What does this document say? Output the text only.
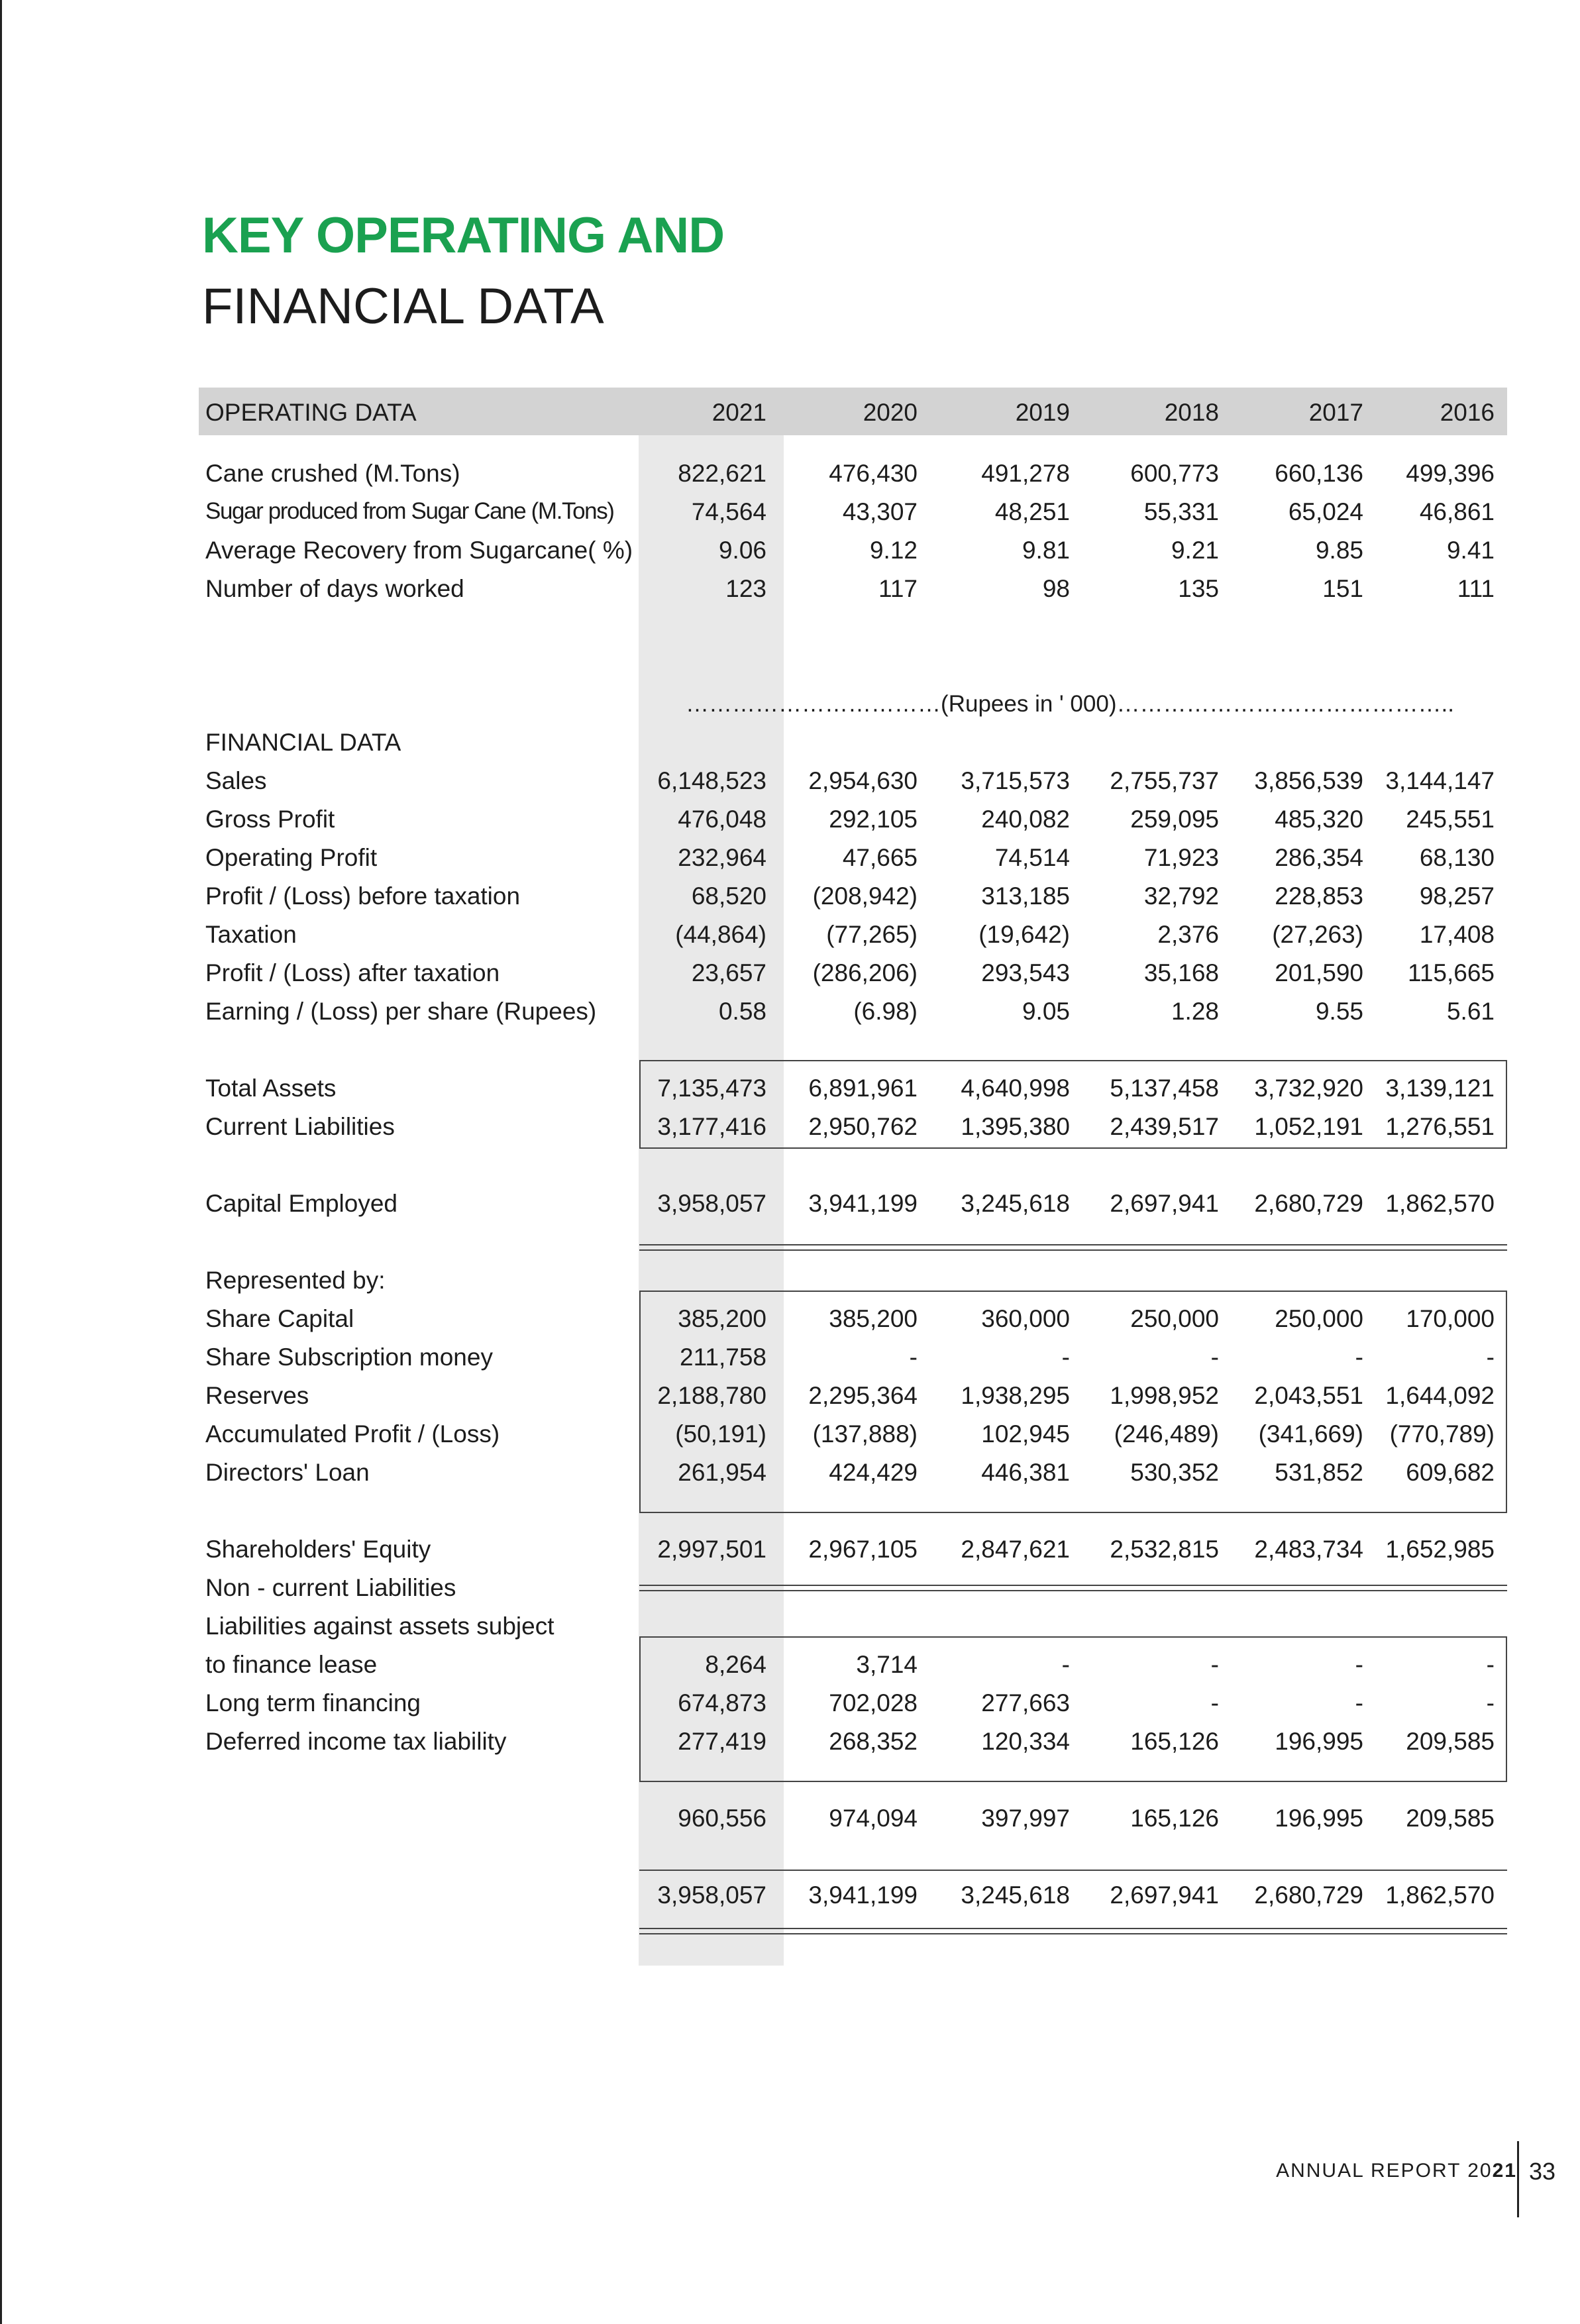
KEY OPERATING AND
FINANCIAL DATA
OPERATING DATA	2021	2020	2019	2018	2017	2016
Cane crushed (M.Tons)	822,621	476,430	491,278	600,773	660,136	499,396
Sugar produced from Sugar Cane (M.Tons)	74,564	43,307	48,251	55,331	65,024	46,861
Average Recovery from Sugarcane( %)	9.06	9.12	9.81	9.21	9.85	9.41
Number of days worked	123	117	98	135	151	111
……………………………(Rupees in ' 000)……………………………………..
FINANCIAL DATA
Sales	6,148,523	2,954,630	3,715,573	2,755,737	3,856,539 3,144,147
Gross Profit	476,048	292,105	240,082	259,095	485,320	245,551
Operating Profit	232,964	47,665	74,514	71,923	286,354	68,130
Profit / (Loss) before taxation	68,520	(208,942)	313,185	32,792	228,853	98,257
Taxation	(44,864)	(77,265)	(19,642)	2,376	(27,263)	17,408
Profit / (Loss) after taxation	23,657	(286,206)	293,543	35,168	201,590	115,665
Earning / (Loss) per share (Rupees)	0.58	(6.98)	9.05	1.28	9.55	5.61
Total Assets	7,135,473	6,891,961	4,640,998	5,137,458	3,732,920 3,139,121
Current Liabilities	3,177,416	2,950,762	1,395,380	2,439,517	1,052,191 1,276,551
Capital Employed	3,958,057	3,941,199	3,245,618	2,697,941	2,680,729 1,862,570
Represented by:
Share Capital	385,200	385,200	360,000	250,000	250,000	170,000
Share Subscription money	211,758	-	-	-	-	-
Reserves	2,188,780	2,295,364	1,938,295	1,998,952	2,043,551 1,644,092
Accumulated Profit / (Loss)	(50,191)	(137,888)	102,945	(246,489)	(341,669)	(770,789)
Directors' Loan	261,954	424,429	446,381	530,352	531,852	609,682
Shareholders' Equity	2,997,501	2,967,105	2,847,621	2,532,815	2,483,734 1,652,985
Non - current Liabilities
Liabilities against assets subject
to finance lease	8,264	3,714	-	-	-	-
Long term financing	674,873	702,028	277,663	-	-	-
Deferred income tax liability	277,419	268,352	120,334	165,126	196,995	209,585
960,556	974,094	397,997	165,126	196,995	209,585
3,958,057	3,941,199	3,245,618	2,697,941	2,680,729 1,862,570
ANNUAL REPORT 2021 33
